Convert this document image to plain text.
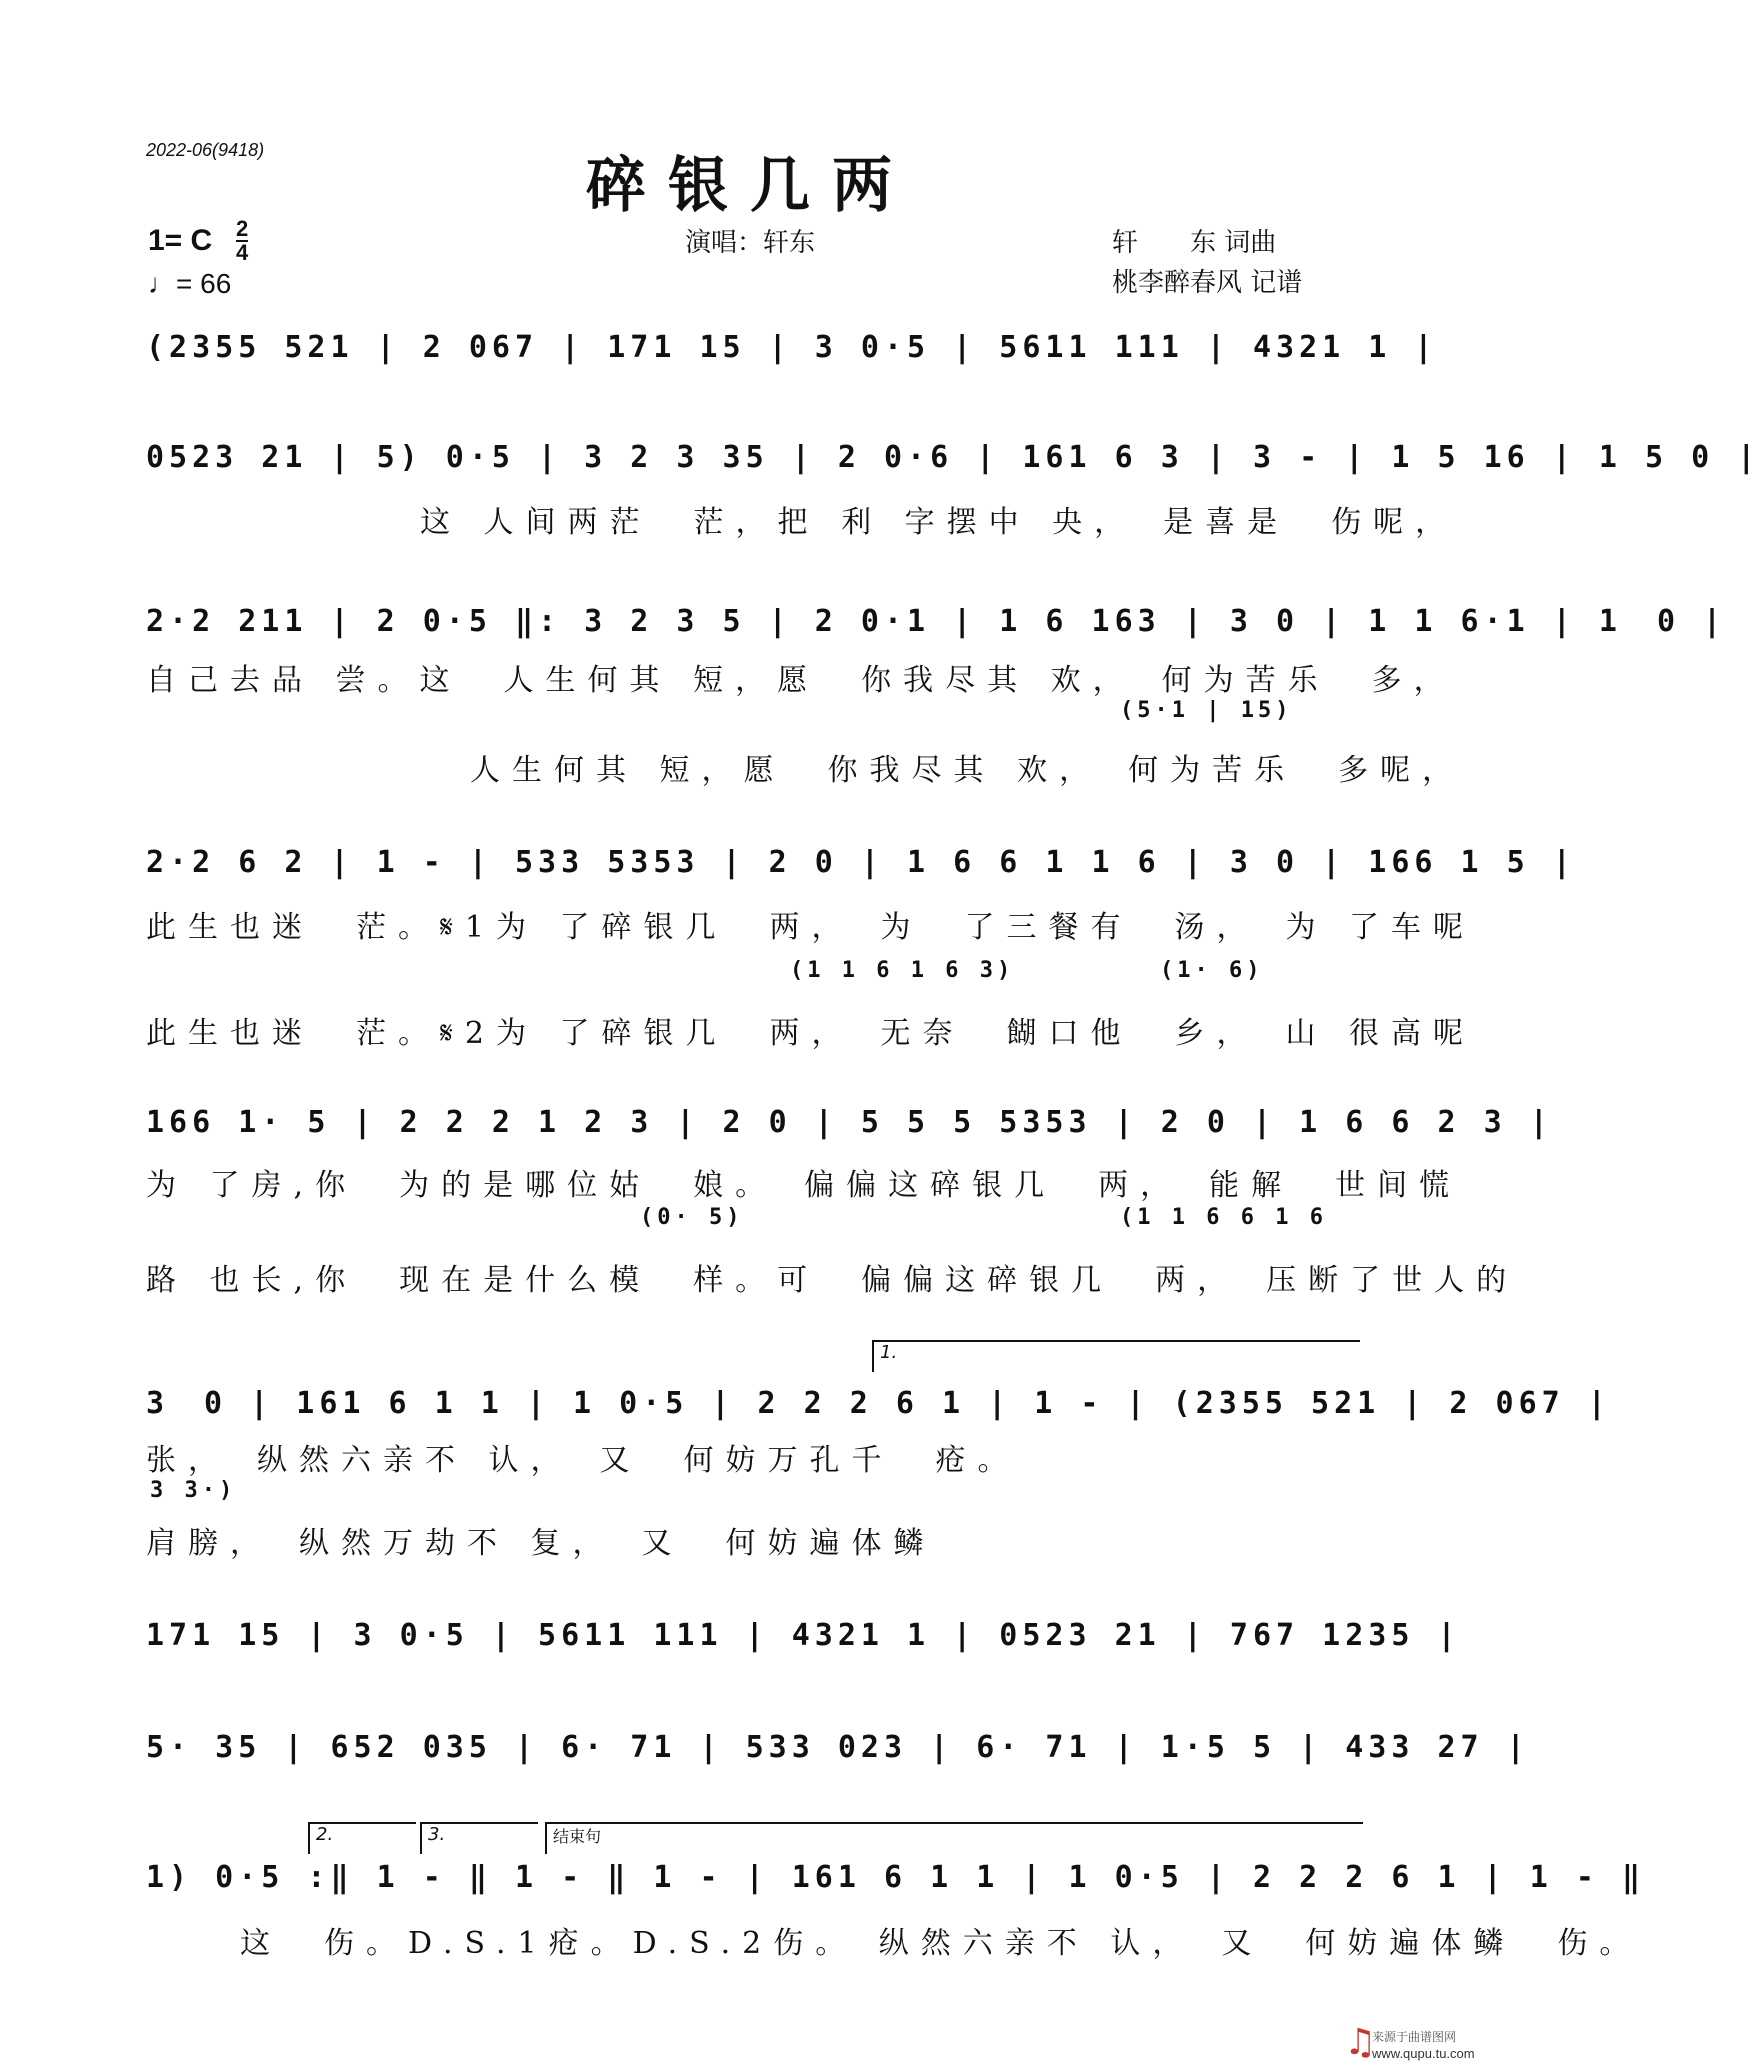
2022-06(9418)
碎银几两
演唱：轩东
1= C $\frac{2}{4}$
♩= 66
轩　　东 词曲
桃李醉春风 记谱
(2355 521 | 2 067 | 171 15 | 3 0·5 | 5611 111 | 4321 1 |
0523 21 | 5) 0·5 | 3 2 3 35 | 2 0·6 | 161 6 3 | 3 - | 1 5 16 | 1 5 0 |
这 人间两茫　茫，把 利 字摆中 央，　是喜是　伤呢，
2·2 211 | 2 0·5 ‖: 3 2 3 5 | 2 0·1 | 1 6 163 | 3 0 | 1 1 6·1 | 1　0 |
自己去品 尝。这　人生何其 短，愿　你我尽其 欢，　何为苦乐　多，
(5·1 | 15)
人生何其 短，愿　你我尽其 欢，　何为苦乐　多呢，
2·2 6 2 | 1 - | 533 5353 | 2 0 | 1 6 6 1 1 6 | 3 0 | 166 1 5 |
此生也迷　茫。𝄋1为 了碎银几　两，　为　了三餐有　汤，　为 了车呢
(1 1 6 1 6 3)	(1· 6)
此生也迷　茫。𝄋2为 了碎银几　两，　无奈　餬口他　乡，　山 很高呢
166 1· 5 | 2 2 2 1 2 3 | 2 0 | 5 5 5 5353 | 2 0 | 1 6 6 2 3 |
为 了房,你　为的是哪位姑　娘。　偏偏这碎银几　两，　能解　世间慌
(0· 5)	(1 1 6 6 1 6
路 也长,你　现在是什么模　样。可　偏偏这碎银几　两，　压断了世人的
1.
3　0 | 161 6 1 1 | 1 0·5 | 2 2 2 6 1 | 1 - | (2355 521 | 2 067 |
张，　纵然六亲不 认，　又　何妨万孔千　疮。
3 3·)
肩膀，　纵然万劫不 复，　又　何妨遍体鳞
171 15 | 3 0·5 | 5611 111 | 4321 1 | 0523 21 | 767 1235 |
5· 35 | 652 035 | 6· 71 | 533 023 | 6· 71 | 1·5 5 | 433 27 |
2.	3.	结束句
1) 0·5 :‖ 1 - ‖ 1 - ‖ 1 - | 161 6 1 1 | 1 0·5 | 2 2 2 6 1 | 1 - ‖
这　伤。D.S.1疮。D.S.2伤。 纵然六亲不 认，　又　何妨遍体鳞　伤。
♫
来源于曲谱图网
www.qupu.tu.com
